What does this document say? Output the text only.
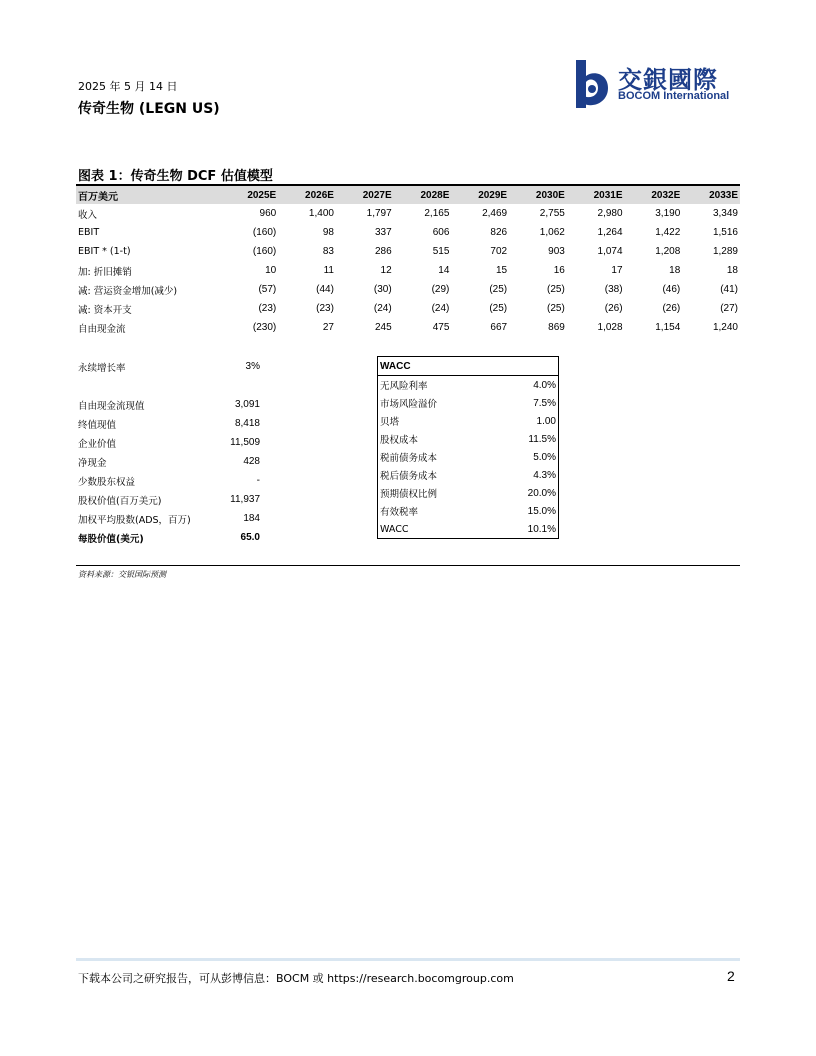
2025 年 5 月 14 日
传奇生物 (LEGN US)
交銀國際
BOCOM International
图表 1：传奇生物 DCF 估值模型
百万美元	2025E	2026E	2027E	2028E	2029E	2030E	2031E	2032E	2033E
收入	960	1,400	1,797	2,165	2,469	2,755	2,980	3,190	3,349
EBIT	(160)	98	337	606	826	1,062	1,264	1,422	1,516
EBIT * (1-t)	(160)	83	286	515	702	903	1,074	1,208	1,289
加: 折旧摊销	10	11	12	14	15	16	17	18	18
减: 营运资金增加(减少)	(57)	(44)	(30)	(29)	(25)	(25)	(38)	(46)	(41)
减: 资本开支	(23)	(23)	(24)	(24)	(25)	(25)	(26)	(26)	(27)
自由现金流	(230)	27	245	475	667	869	1,028	1,154	1,240
永续增长率	3%

自由现金流现值	3,091
终值现值	8,418
企业价值	11,509
净现金	428
少数股东权益	-
股权价值(百万美元)	11,937
加权平均股数(ADS，百万)	184
每股价值(美元)	65.0
WACC	
无风险利率	4.0%
市场风险溢价	7.5%
贝塔	1.00
股权成本	11.5%
税前债务成本	5.0%
税后债务成本	4.3%
预期债权比例	20.0%
有效税率	15.0%
WACC	10.1%
资料来源：交银国际预测
下载本公司之研究报告，可从彭博信息：BOCM 或 https://research.bocomgroup.com	2
